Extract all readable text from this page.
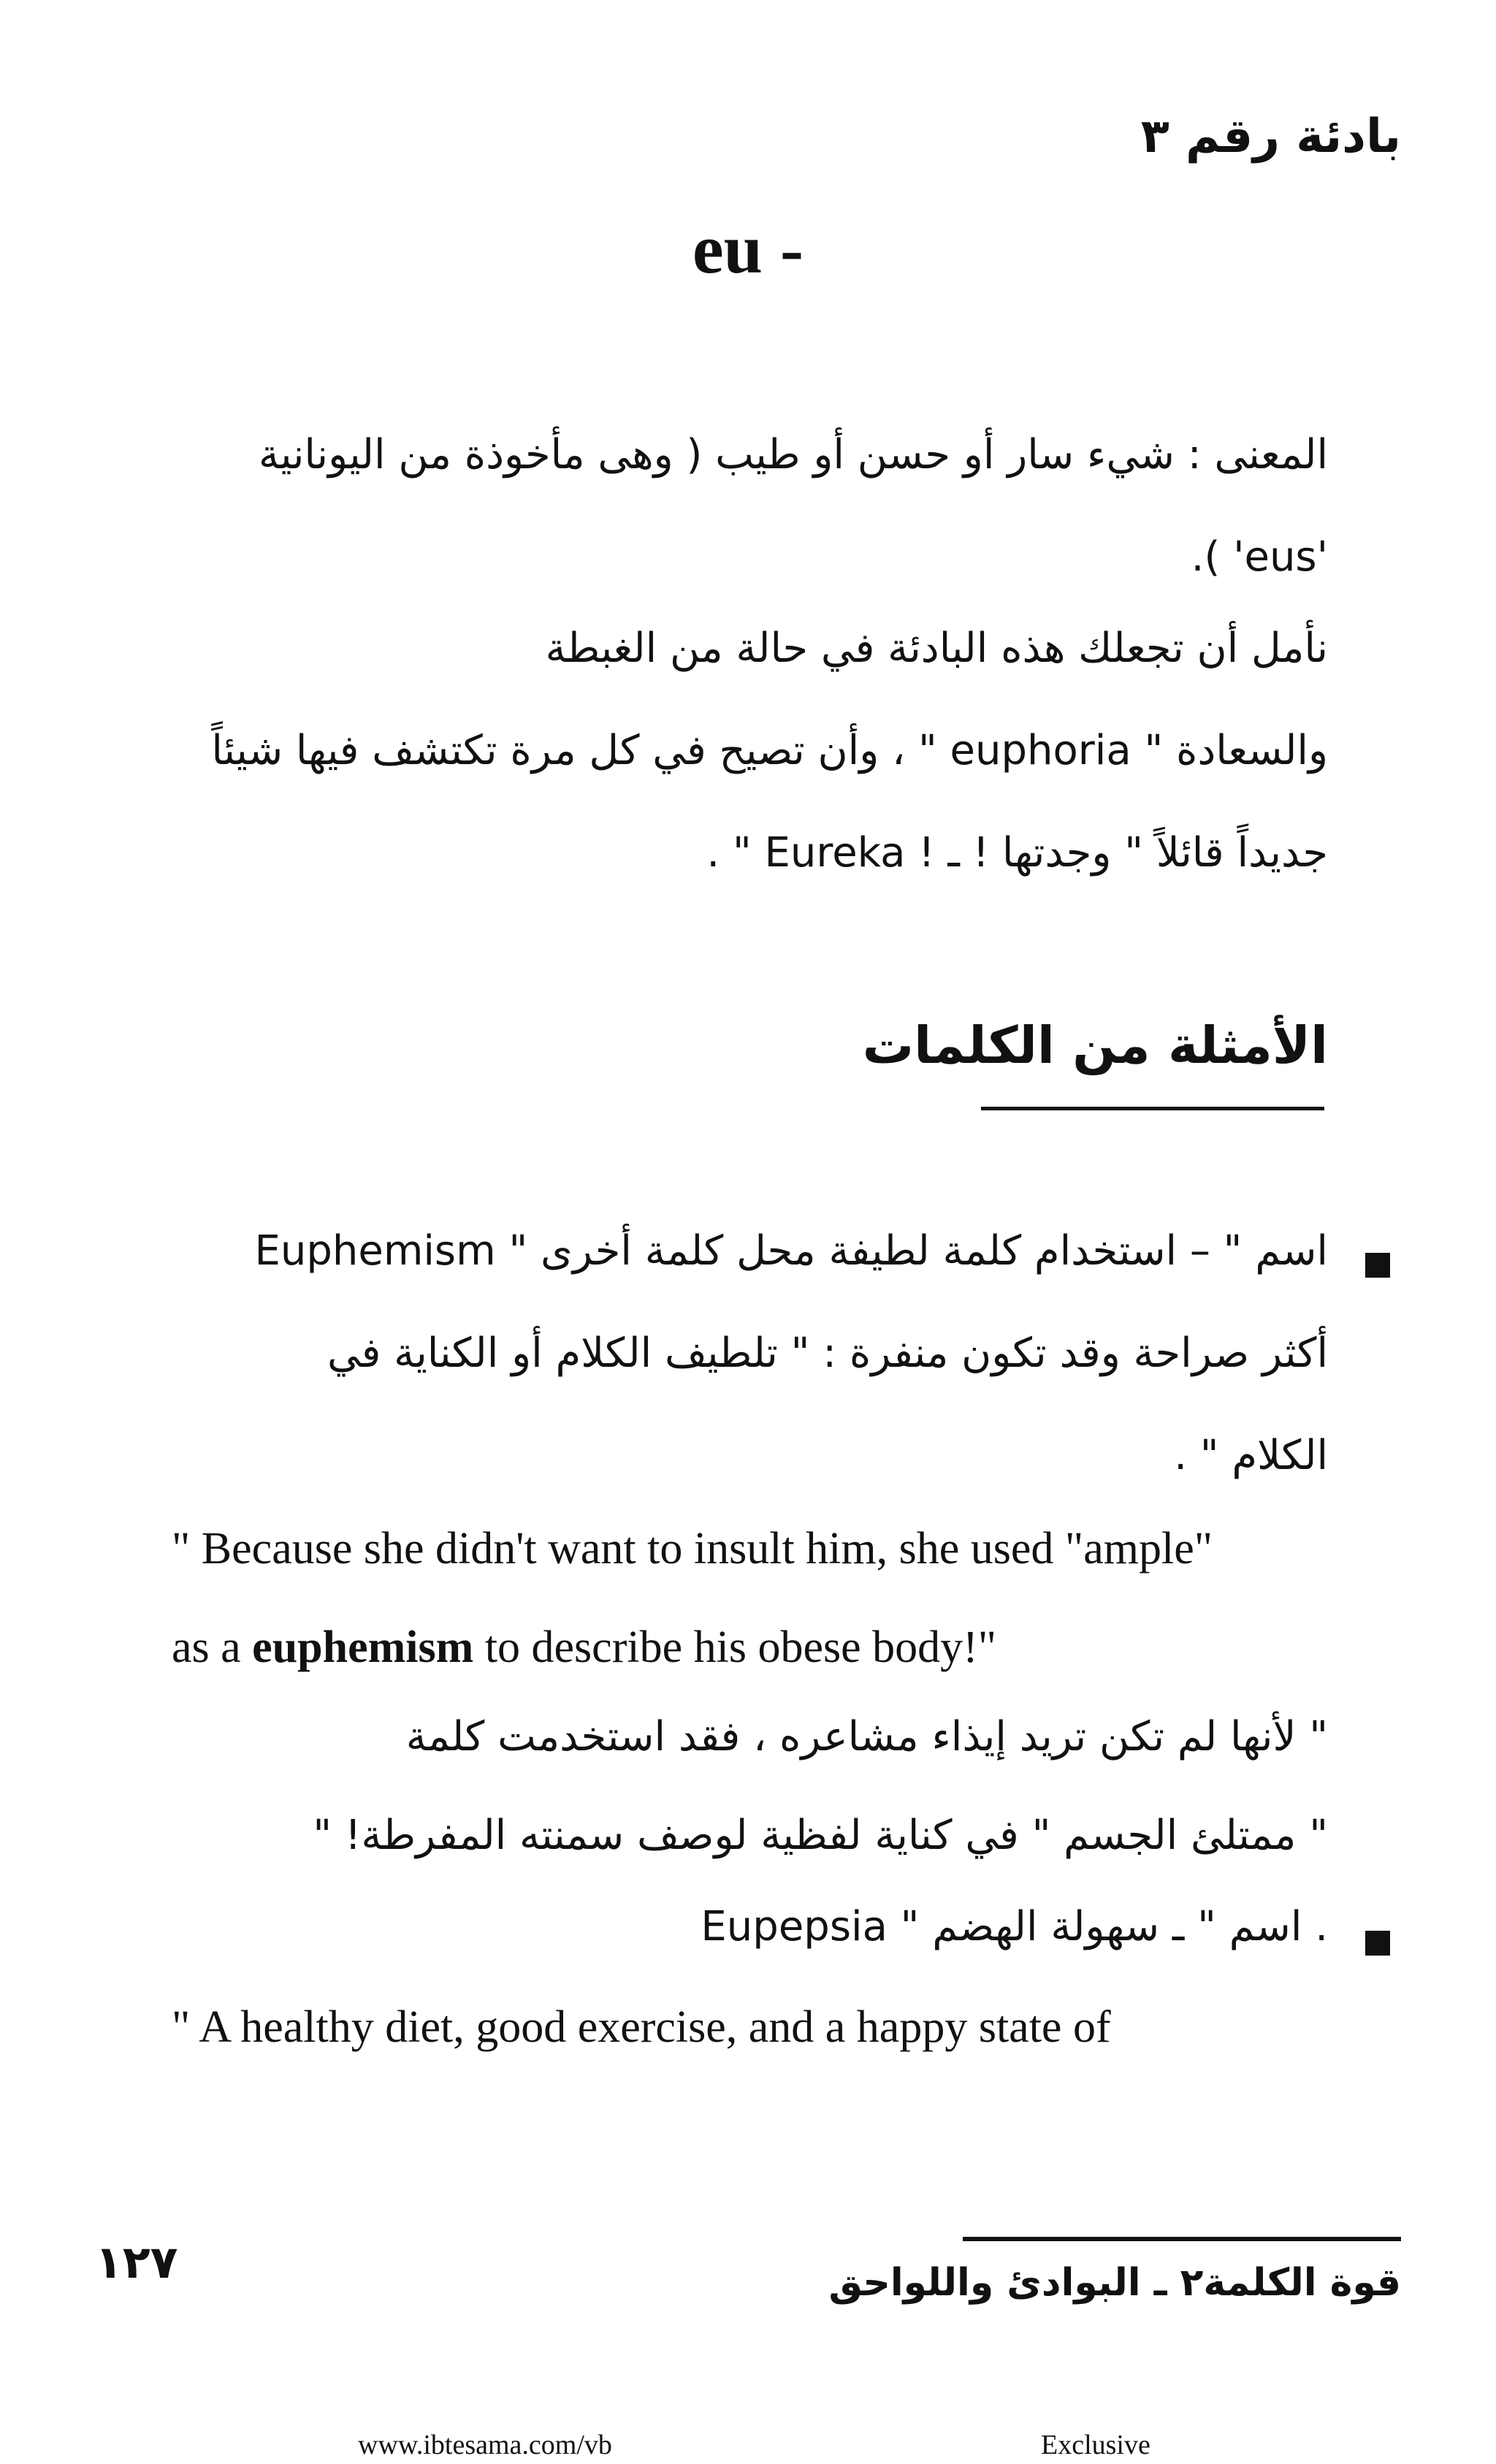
بادئة رقم ٣
eu -
المعنى : شيء سار أو حسن أو طيب ( وهى مأخوذة من اليونانية
.( 'eus'
نأمل أن تجعلك هذه البادئة في حالة من الغبطة
والسعادة " euphoria " ، وأن تصيح في كل مرة تكتشف فيها شيئاً
جديداً قائلاً " وجدتها ! ـ ! Eureka " .
الأمثلة من الكلمات
Euphemism " اسم " – استخدام كلمة لطيفة محل كلمة أخرى
أكثر صراحة وقد تكون منفرة : " تلطيف الكلام أو الكناية في
الكلام " .
" Because she didn't want to insult him, she used "ample"
as a euphemism to describe his obese body!"
" لأنها لم تكن تريد إيذاء مشاعره ، فقد استخدمت كلمة
" ممتلئ الجسم " في كناية لفظية لوصف سمنته المفرطة! "
Eupepsia " اسم " ـ سهولة الهضم .
" A healthy diet, good exercise, and a happy state of
١٢٧	قوة الكلمة٢ ـ البوادئ واللواحق
www.ibtesama.com/vb	Exclusive
